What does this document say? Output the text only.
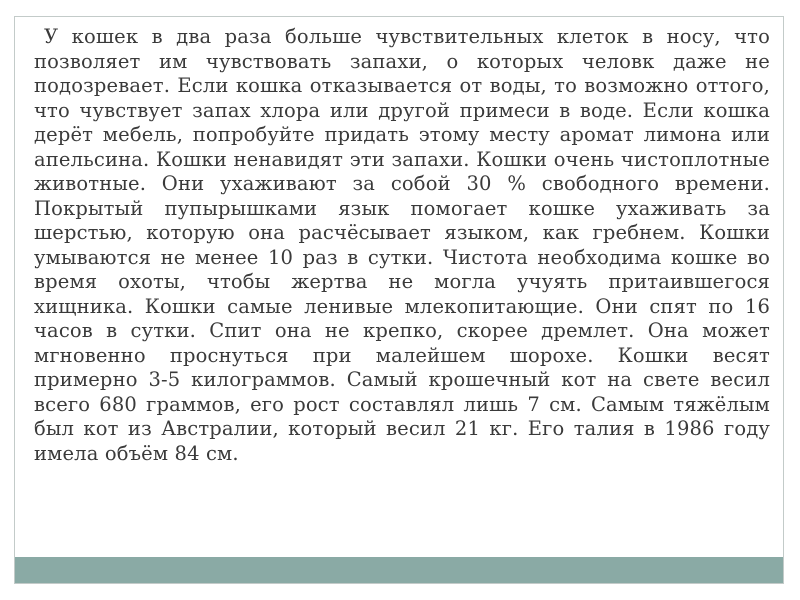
У кошек в два раза больше чувствительных клеток в носу, что позволяет им чувствовать запахи, о которых человк даже не подозревает. Если кошка отказывается от воды, то возможно оттого, что чувствует запах хлора или другой примеси в воде. Если кошка дерёт мебель, попробуйте придать этому месту аромат лимона или апельсина. Кошки ненавидят эти запахи. Кошки очень чистоплотные животные. Они ухаживают за собой 30 % свободного времени. Покрытый пупырышками язык помогает кошке ухаживать за шерстью, которую она расчёсывает языком, как гребнем. Кошки умываются не менее 10 раз в сутки. Чистота необходима кошке во время охоты, чтобы жертва не могла учуять притаившегося хищника. Кошки самые ленивые млекопитающие. Они спят по 16 часов в сутки. Спит она не крепко, скорее дремлет. Она может мгновенно проснуться при малейшем шорохе. Кошки весят примерно 3-5 килограммов. Самый крошечный кот на свете весил всего 680 граммов, его рост составлял лишь 7 см. Самым тяжёлым был кот из Австралии, который весил 21 кг. Его талия в 1986 году имела объём 84 см.
